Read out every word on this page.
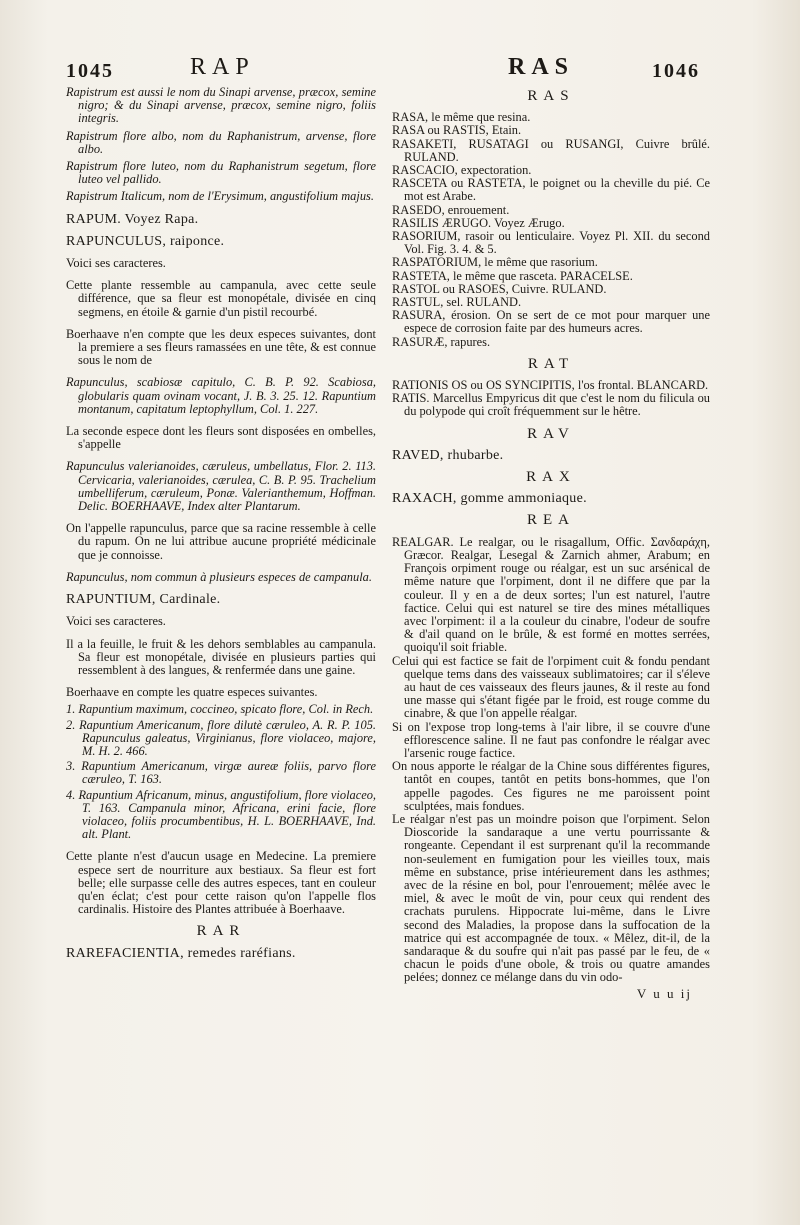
1045	RAP	RAS	1046

Rapistrum est aussi le nom du Sinapi arvense, præcox, semine nigro; & du Sinapi arvense, præcox, semine nigro, foliis integris.

Rapistrum flore albo, nom du Raphanistrum, arvense, flore albo.

Rapistrum flore luteo, nom du Raphanistrum segetum, flore luteo vel pallido.

Rapistrum Italicum, nom de l'Erysimum, angustifolium majus.

RAPUM. Voyez Rapa.

RAPUNCULUS, raiponce.

Voici ses caracteres.

Cette plante ressemble au campanula, avec cette seule différence, que sa fleur est monopétale, divisée en cinq segmens, en étoile & garnie d'un pistil recourbé.

Boerhaave n'en compte que les deux especes suivantes, dont la premiere a ses fleurs ramassées en une tête, & est connue sous le nom de

Rapunculus, scabiosæ capitulo, C. B. P. 92. Scabiosa, globularis quam ovinam vocant, J. B. 3. 25. 12. Rapuntium montanum, capitatum leptophyllum, Col. 1. 227.

La seconde espece dont les fleurs sont disposées en ombelles, s'appelle

Rapunculus valerianoides, cæruleus, umbellatus, Flor. 2. 113. Cervicaria, valerianoides, cærulea, C. B. P. 95. Trachelium umbelliferum, cæruleum, Ponæ. Valerianthemum, Hoffman. Delic. BOERHAAVE, Index alter Plantarum.

On l'appelle rapunculus, parce que sa racine ressemble à celle du rapum. On ne lui attribue aucune propriété médicinale que je connoisse.

Rapunculus, nom commun à plusieurs especes de campanula.

RAPUNTIUM, Cardinale.

Voici ses caracteres.

Il a la feuille, le fruit & les dehors semblables au campanula. Sa fleur est monopétale, divisée en plusieurs parties qui ressemblent à des langues, & renfermée dans une gaine.

Boerhaave en compte les quatre especes suivantes.

1. Rapuntium maximum, coccineo, spicato flore, Col. in Rech.
2. Rapuntium Americanum, flore dilutè cæruleo, A. R. P. 105. Rapunculus galeatus, Virginianus, flore violaceo, majore, M. H. 2. 466.
3. Rapuntium Americanum, virgæ aureæ foliis, parvo flore cæruleo, T. 163.
4. Rapuntium Africanum, minus, angustifolium, flore violaceo, T. 163. Campanula minor, Africana, erini facie, flore violaceo, foliis procumbentibus, H. L. BOERHAAVE, Ind. alt. Plant.

Cette plante n'est d'aucun usage en Medecine. La premiere espece sert de nourriture aux bestiaux. Sa fleur est fort belle; elle surpasse celle des autres especes, tant en couleur qu'en éclat; c'est pour cette raison qu'on l'appelle flos cardinalis. Histoire des Plantes attribuée à Boerhaave.

RAR

RAREFACIENTIA, remedes raréfians.

RAS

RASA, le même que resina.

RASA ou RASTIS, Etain.

RASAKETI, RUSATAGI ou RUSANGI, Cuivre brûlé. RULAND.

RASCACIO, expectoration.

RASCETA ou RASTETA, le poignet ou la cheville du pié. Ce mot est Arabe.

RASEDO, enrouement.

RASILIS ÆRUGO. Voyez Ærugo.

RASORIUM, rasoir ou lenticulaire. Voyez Pl. XII. du second Vol. Fig. 3. 4. & 5.

RASPATORIUM, le même que rasorium.

RASTETA, le même que rasceta. PARACELSE.

RASTOL ou RASOES, Cuivre. RULAND.

RASTUL, sel. RULAND.

RASURA, érosion. On se sert de ce mot pour marquer une espece de corrosion faite par des humeurs acres.

RASURÆ, rapures.

RAT

RATIONIS OS ou OS SYNCIPITIS, l'os frontal. BLANCARD.

RATIS. Marcellus Empyricus dit que c'est le nom du filicula ou du polypode qui croît fréquemment sur le hêtre.

RAV

RAVED, rhubarbe.

RAX

RAXACH, gomme ammoniaque.

REA

REALGAR. Le realgar, ou le risagallum, Offic. Σανδαράχη, Græcor. Realgar, Lesegal & Zarnich ahmer, Arabum; en François orpiment rouge ou réalgar, est un suc arsénical de même nature que l'orpiment, dont il ne differe que par la couleur. Il y en a de deux sortes; l'un est naturel, l'autre factice. Celui qui est naturel se tire des mines métalliques avec l'orpiment: il a la couleur du cinabre, l'odeur de soufre & d'ail quand on le brûle, & est formé en mottes serrées, quoiqu'il soit friable.

Celui qui est factice se fait de l'orpiment cuit & fondu pendant quelque tems dans des vaisseaux sublimatoires; car il s'éleve au haut de ces vaisseaux des fleurs jaunes, & il reste au fond une masse qui s'étant figée par le froid, est rouge comme du cinabre, & que l'on appelle réalgar.

Si on l'expose trop long-tems à l'air libre, il se couvre d'une efflorescence saline. Il ne faut pas confondre le réalgar avec l'arsenic rouge factice.

On nous apporte le réalgar de la Chine sous différentes figures, tantôt en coupes, tantôt en petits bons-hommes, que l'on appelle pagodes. Ces figures ne me paroissent point sculptées, mais fondues.

Le réalgar n'est pas un moindre poison que l'orpiment. Selon Dioscoride la sandaraque a une vertu pourrissante & rongeante. Cependant il est surprenant qu'il la recommande non-seulement en fumigation pour les vieilles toux, mais même en substance, prise intérieurement dans les asthmes; avec de la résine en bol, pour l'enrouement; mêlée avec le miel, & avec le moût de vin, pour ceux qui rendent des crachats purulens. Hippocrate lui-même, dans le Livre second des Maladies, la propose dans la suffocation de la matrice qui est accompagnée de toux. « Mêlez, dit-il, de la sandaraque & du soufre qui n'ait pas passé par le feu, de « chacun le poids d'une obole, & trois ou quatre amandes pelées; donnez ce mélange dans du vin odo-

V u u ij
